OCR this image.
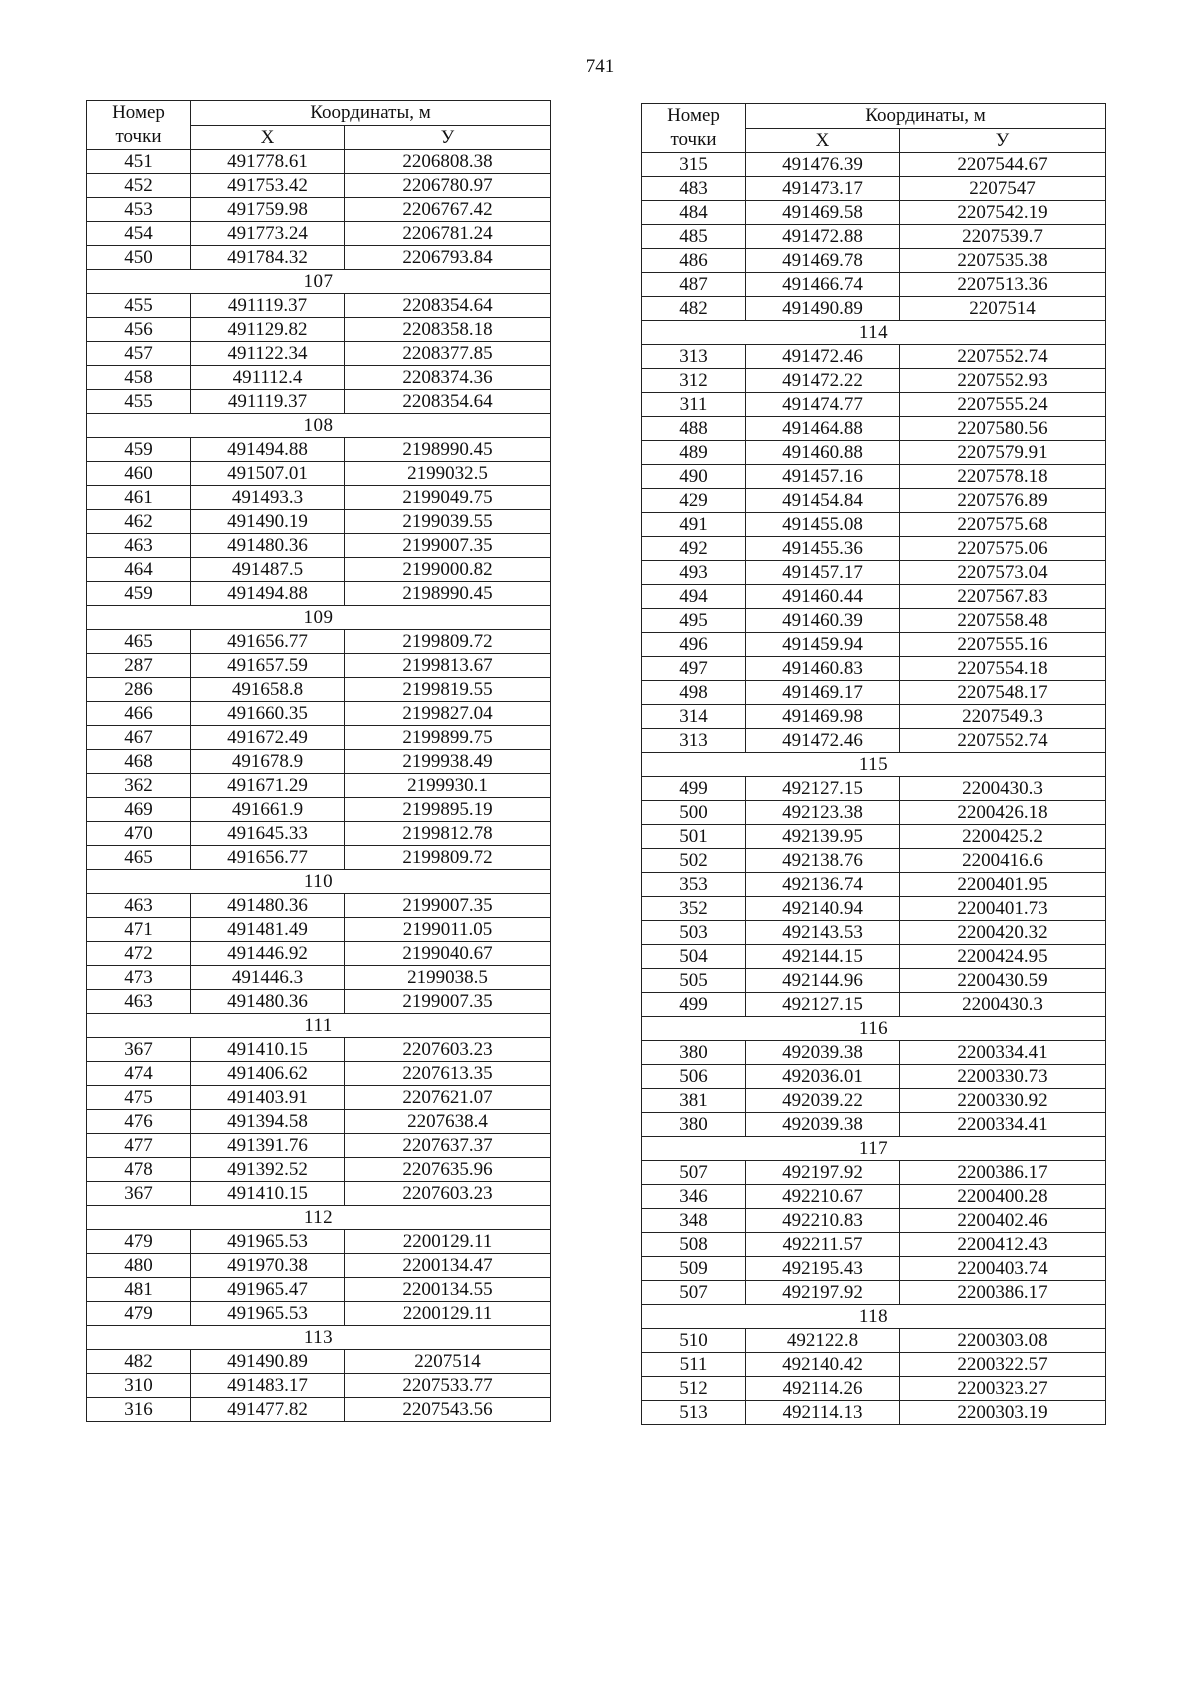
741
Номер точки	Координаты, м	
	X	У
451	491778.61	2206808.38
452	491753.42	2206780.97
453	491759.98	2206767.42
454	491773.24	2206781.24
450	491784.32	2206793.84
107		
455	491119.37	2208354.64
456	491129.82	2208358.18
457	491122.34	2208377.85
458	491112.4	2208374.36
455	491119.37	2208354.64
108		
459	491494.88	2198990.45
460	491507.01	2199032.5
461	491493.3	2199049.75
462	491490.19	2199039.55
463	491480.36	2199007.35
464	491487.5	2199000.82
459	491494.88	2198990.45
109		
465	491656.77	2199809.72
287	491657.59	2199813.67
286	491658.8	2199819.55
466	491660.35	2199827.04
467	491672.49	2199899.75
468	491678.9	2199938.49
362	491671.29	2199930.1
469	491661.9	2199895.19
470	491645.33	2199812.78
465	491656.77	2199809.72
110		
463	491480.36	2199007.35
471	491481.49	2199011.05
472	491446.92	2199040.67
473	491446.3	2199038.5
463	491480.36	2199007.35
111		
367	491410.15	2207603.23
474	491406.62	2207613.35
475	491403.91	2207621.07
476	491394.58	2207638.4
477	491391.76	2207637.37
478	491392.52	2207635.96
367	491410.15	2207603.23
112		
479	491965.53	2200129.11
480	491970.38	2200134.47
481	491965.47	2200134.55
479	491965.53	2200129.11
113		
482	491490.89	2207514
310	491483.17	2207533.77
316	491477.82	2207543.56
Номер точки	Координаты, м	
	X	У
315	491476.39	2207544.67
483	491473.17	2207547
484	491469.58	2207542.19
485	491472.88	2207539.7
486	491469.78	2207535.38
487	491466.74	2207513.36
482	491490.89	2207514
114		
313	491472.46	2207552.74
312	491472.22	2207552.93
311	491474.77	2207555.24
488	491464.88	2207580.56
489	491460.88	2207579.91
490	491457.16	2207578.18
429	491454.84	2207576.89
491	491455.08	2207575.68
492	491455.36	2207575.06
493	491457.17	2207573.04
494	491460.44	2207567.83
495	491460.39	2207558.48
496	491459.94	2207555.16
497	491460.83	2207554.18
498	491469.17	2207548.17
314	491469.98	2207549.3
313	491472.46	2207552.74
115		
499	492127.15	2200430.3
500	492123.38	2200426.18
501	492139.95	2200425.2
502	492138.76	2200416.6
353	492136.74	2200401.95
352	492140.94	2200401.73
503	492143.53	2200420.32
504	492144.15	2200424.95
505	492144.96	2200430.59
499	492127.15	2200430.3
116		
380	492039.38	2200334.41
506	492036.01	2200330.73
381	492039.22	2200330.92
380	492039.38	2200334.41
117		
507	492197.92	2200386.17
346	492210.67	2200400.28
348	492210.83	2200402.46
508	492211.57	2200412.43
509	492195.43	2200403.74
507	492197.92	2200386.17
118		
510	492122.8	2200303.08
511	492140.42	2200322.57
512	492114.26	2200323.27
513	492114.13	2200303.19
